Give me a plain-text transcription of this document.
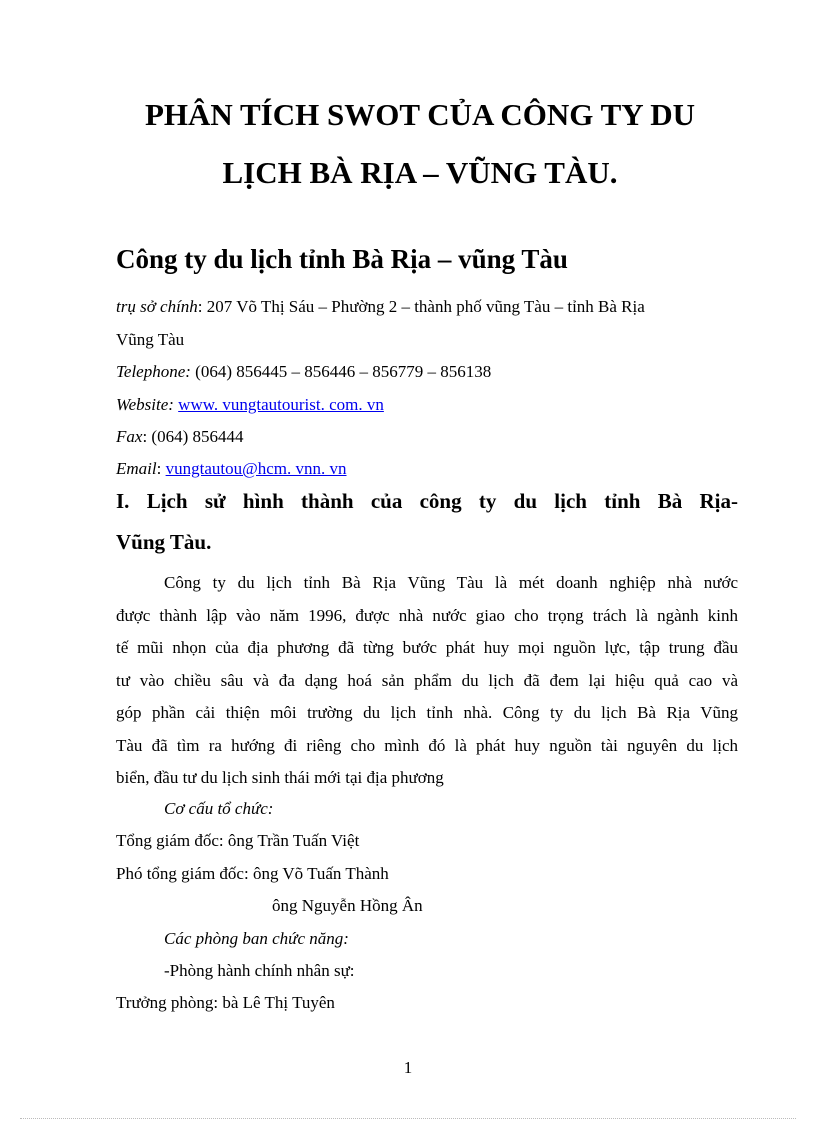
PHÂN TÍCH SWOT CỦA CÔNG TY DU
LỊCH BÀ RỊA – VŨNG TÀU.
Công ty du lịch tỉnh Bà Rịa – vũng Tàu
trụ sở chính: 207 Võ Thị Sáu – Phường 2 – thành phố vũng Tàu – tỉnh Bà Rịa
Vũng Tàu
Telephone: (064) 856445 – 856446 – 856779 – 856138
Website: www. vungtautourist. com. vn
Fax: (064) 856444
Email: vungtautou@hcm. vnn. vn
I. Lịch sử hình thành của công ty du lịch tỉnh Bà Rịa-
Vũng Tàu.
Công ty du lịch tỉnh Bà Rịa Vũng Tàu là mét doanh nghiệp nhà nước
được thành lập vào năm 1996, được nhà nước giao cho trọng trách là ngành kinh
tế mũi nhọn của địa phương đã từng bước phát huy mọi nguồn lực, tập trung đầu
tư vào chiều sâu và đa dạng hoá sản phẩm du lịch đã đem lại hiệu quả cao và
góp phần cải thiện môi trường du lịch tỉnh nhà. Công ty du lịch Bà Rịa Vũng
Tàu đã tìm ra hướng đi riêng cho mình đó là phát huy nguồn tài nguyên du lịch
biển, đầu tư du lịch sinh thái mới tại địa phương
Cơ cấu tổ chức:
Tổng giám đốc: ông Trần Tuấn Việt
Phó tổng giám đốc: ông Võ Tuấn Thành
ông Nguyễn Hồng Ân
Các phòng ban chức năng:
-Phòng hành chính nhân sự:
Trưởng phòng: bà Lê Thị Tuyên
1
